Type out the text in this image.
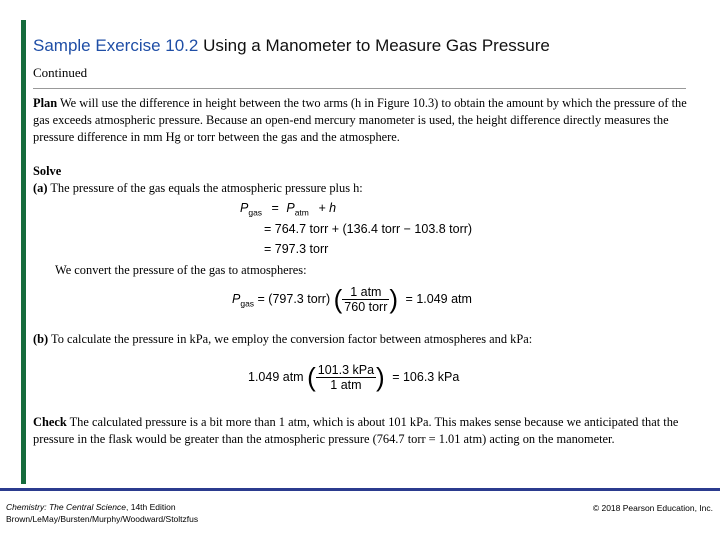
Sample Exercise 10.2 Using a Manometer to Measure Gas Pressure
Continued
Plan We will use the difference in height between the two arms (h in Figure 10.3) to obtain the amount by which the pressure of the gas exceeds atmospheric pressure. Because an open-end mercury manometer is used, the height difference directly measures the pressure difference in mm Hg or torr between the gas and the atmosphere.
Solve
(a) The pressure of the gas equals the atmospheric pressure plus h:
$P_{gas} = P_{atm} + h$
= 764.7 torr + (136.4 torr − 103.8 torr)
= 797.3 torr
We convert the pressure of the gas to atmospheres:
$P_{gas} = (797.3$ torr) ( $\frac{\text{1 atm}}{\text{760 torr}}$ ) = 1.049 atm
(b) To calculate the pressure in kPa, we employ the conversion factor between atmospheres and kPa:
1.049 atm ( $\frac{\text{101.3 kPa}}{\text{1 atm}}$ ) = 106.3 kPa
Check The calculated pressure is a bit more than 1 atm, which is about 101 kPa. This makes sense because we anticipated that the pressure in the flask would be greater than the atmospheric pressure (764.7 torr = 1.01 atm) acting on the manometer.
Chemistry: The Central Science, 14th Edition
Brown/LeMay/Bursten/Murphy/Woodward/Stoltzfus
© 2018 Pearson Education, Inc.
